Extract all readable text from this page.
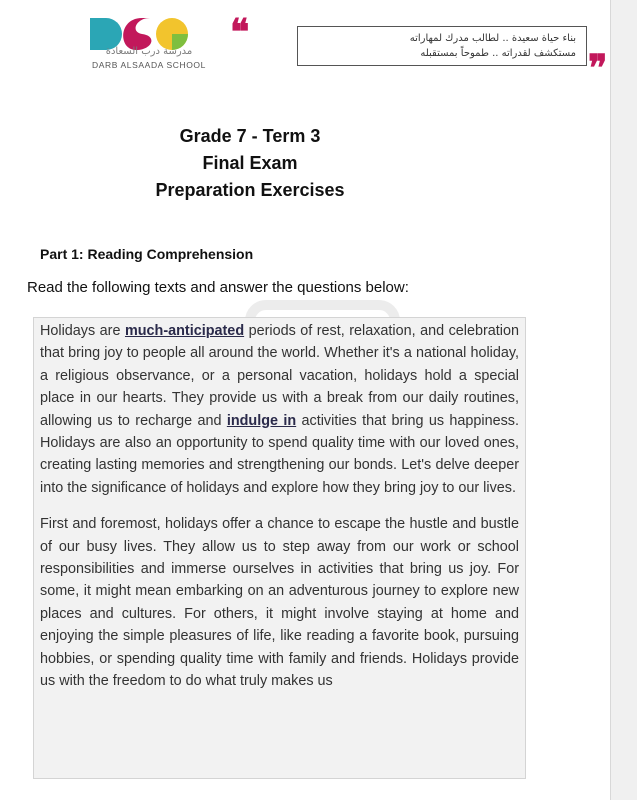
مدرسة درب السعادة
DARB ALSAADA SCHOOL
❝	بناء حياة سعيدة .. لطالب مدرك لمهاراته
مستكشف لقدراته .. طموحاً بمستقبله ❞
Grade 7 - Term 3
Final Exam
Preparation Exercises
Part 1: Reading Comprehension
Read the following texts and answer the questions below:

Holidays are much-anticipated periods of rest, relaxation, and celebration that bring joy to people all around the world. Whether it's a national holiday, a religious observance, or a personal vacation, holidays hold a special place in our hearts. They provide us with a break from our daily routines, allowing us to recharge and indulge in activities that bring us happiness. Holidays are also an opportunity to spend quality time with our loved ones, creating lasting memories and strengthening our bonds. Let's delve deeper into the significance of holidays and explore how they bring joy to our lives.

First and foremost, holidays offer a chance to escape the hustle and bustle of our busy lives. They allow us to step away from our work or school responsibilities and immerse ourselves in activities that bring us joy. For some, it might mean embarking on an adventurous journey to explore new places and cultures. For others, it might involve staying at home and enjoying the simple pleasures of life, like reading a favorite book, pursuing hobbies, or spending quality time with family and friends. Holidays provide us with the freedom to do what truly makes us
